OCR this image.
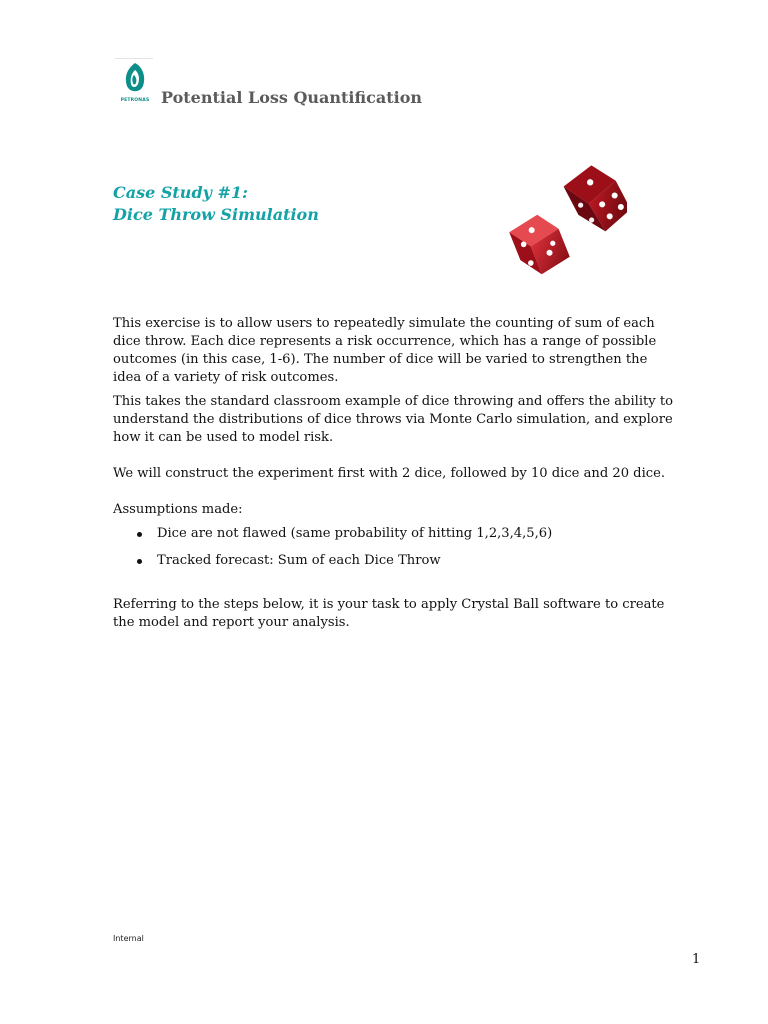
PETRONAS Potential Loss Quantification
Case Study #1:
Dice Throw Simulation

This exercise is to allow users to repeatedly simulate the counting of sum of each dice throw. Each dice represents a risk occurrence, which has a range of possible outcomes (in this case, 1-6). The number of dice will be varied to strengthen the idea of a variety of risk outcomes.

This takes the standard classroom example of dice throwing and offers the ability to understand the distributions of dice throws via Monte Carlo simulation, and explore how it can be used to model risk.

We will construct the experiment first with 2 dice, followed by 10 dice and 20 dice.

Assumptions made:

Dice are not flawed (same probability of hitting 1,2,3,4,5,6)
Tracked forecast: Sum of each Dice Throw

Referring to the steps below, it is your task to apply Crystal Ball software to create the model and report your analysis.

Internal
1
